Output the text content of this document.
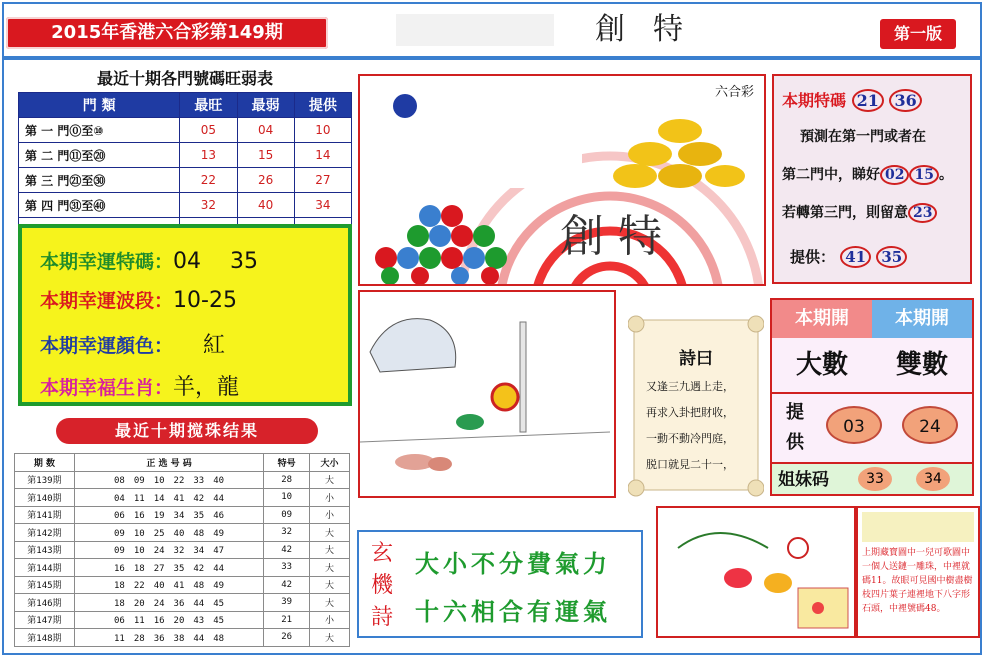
2015年香港六合彩第149期	創特	第一版
最近十期各門號碼旺弱表
門 類	最旺	最弱	提供
第 一 門⓪至⑩	05	04	10
第 二 門⑪至⑳	13	15	14
第 三 門㉑至㉚	22	26	27
第 四 門㉛至㊵	32	40	34

本期幸運特碼：04　 35
本期幸運波段：10-25
本期幸運顏色： 紅
本期幸福生肖：羊，龍
最近十期搅珠结果
期 数	正 选 号 码	特号	大小
第139期	08　09　10　22　33　40	28	大
第140期	04　11　14　41　42　44	10	小
第141期	06　16　19　34　35　46	09	小
第142期	09　10　25　40　48　49	32	大
第143期	09　10　24　32　34　47	42	大
第144期	16　18　27　35　42　44	33	大
第145期	18　22　40　41　48　49	42	大
第146期	18　20　24　36　44　45	39	大
第147期	06　11　16　20　43　45	21	小
第148期	11　28　36　38　44　48	26	大
六合彩
創特
本期特碼 21 36
預測在第一門或者在
第二門中，睇好 02 15 。
若轉第三門，則留意 23
提供： 41 35
詩曰
又逢三九遇上走，
再求入卦把財收，
一動不動冷門庭，
脱口就見二十一，
本期開	本期開
大數	雙數
提供
03	24
姐妹码	33	34
玄機詩
大小不分費氣力
十六相合有運氣
上期藏寶圖中一兒可歌圖中一個人送鏈一雕珠，中裡就碼11。故眼可見國中樹盡樹枝四片葉子連裡地下八字形石頭，中裡號碼48。
